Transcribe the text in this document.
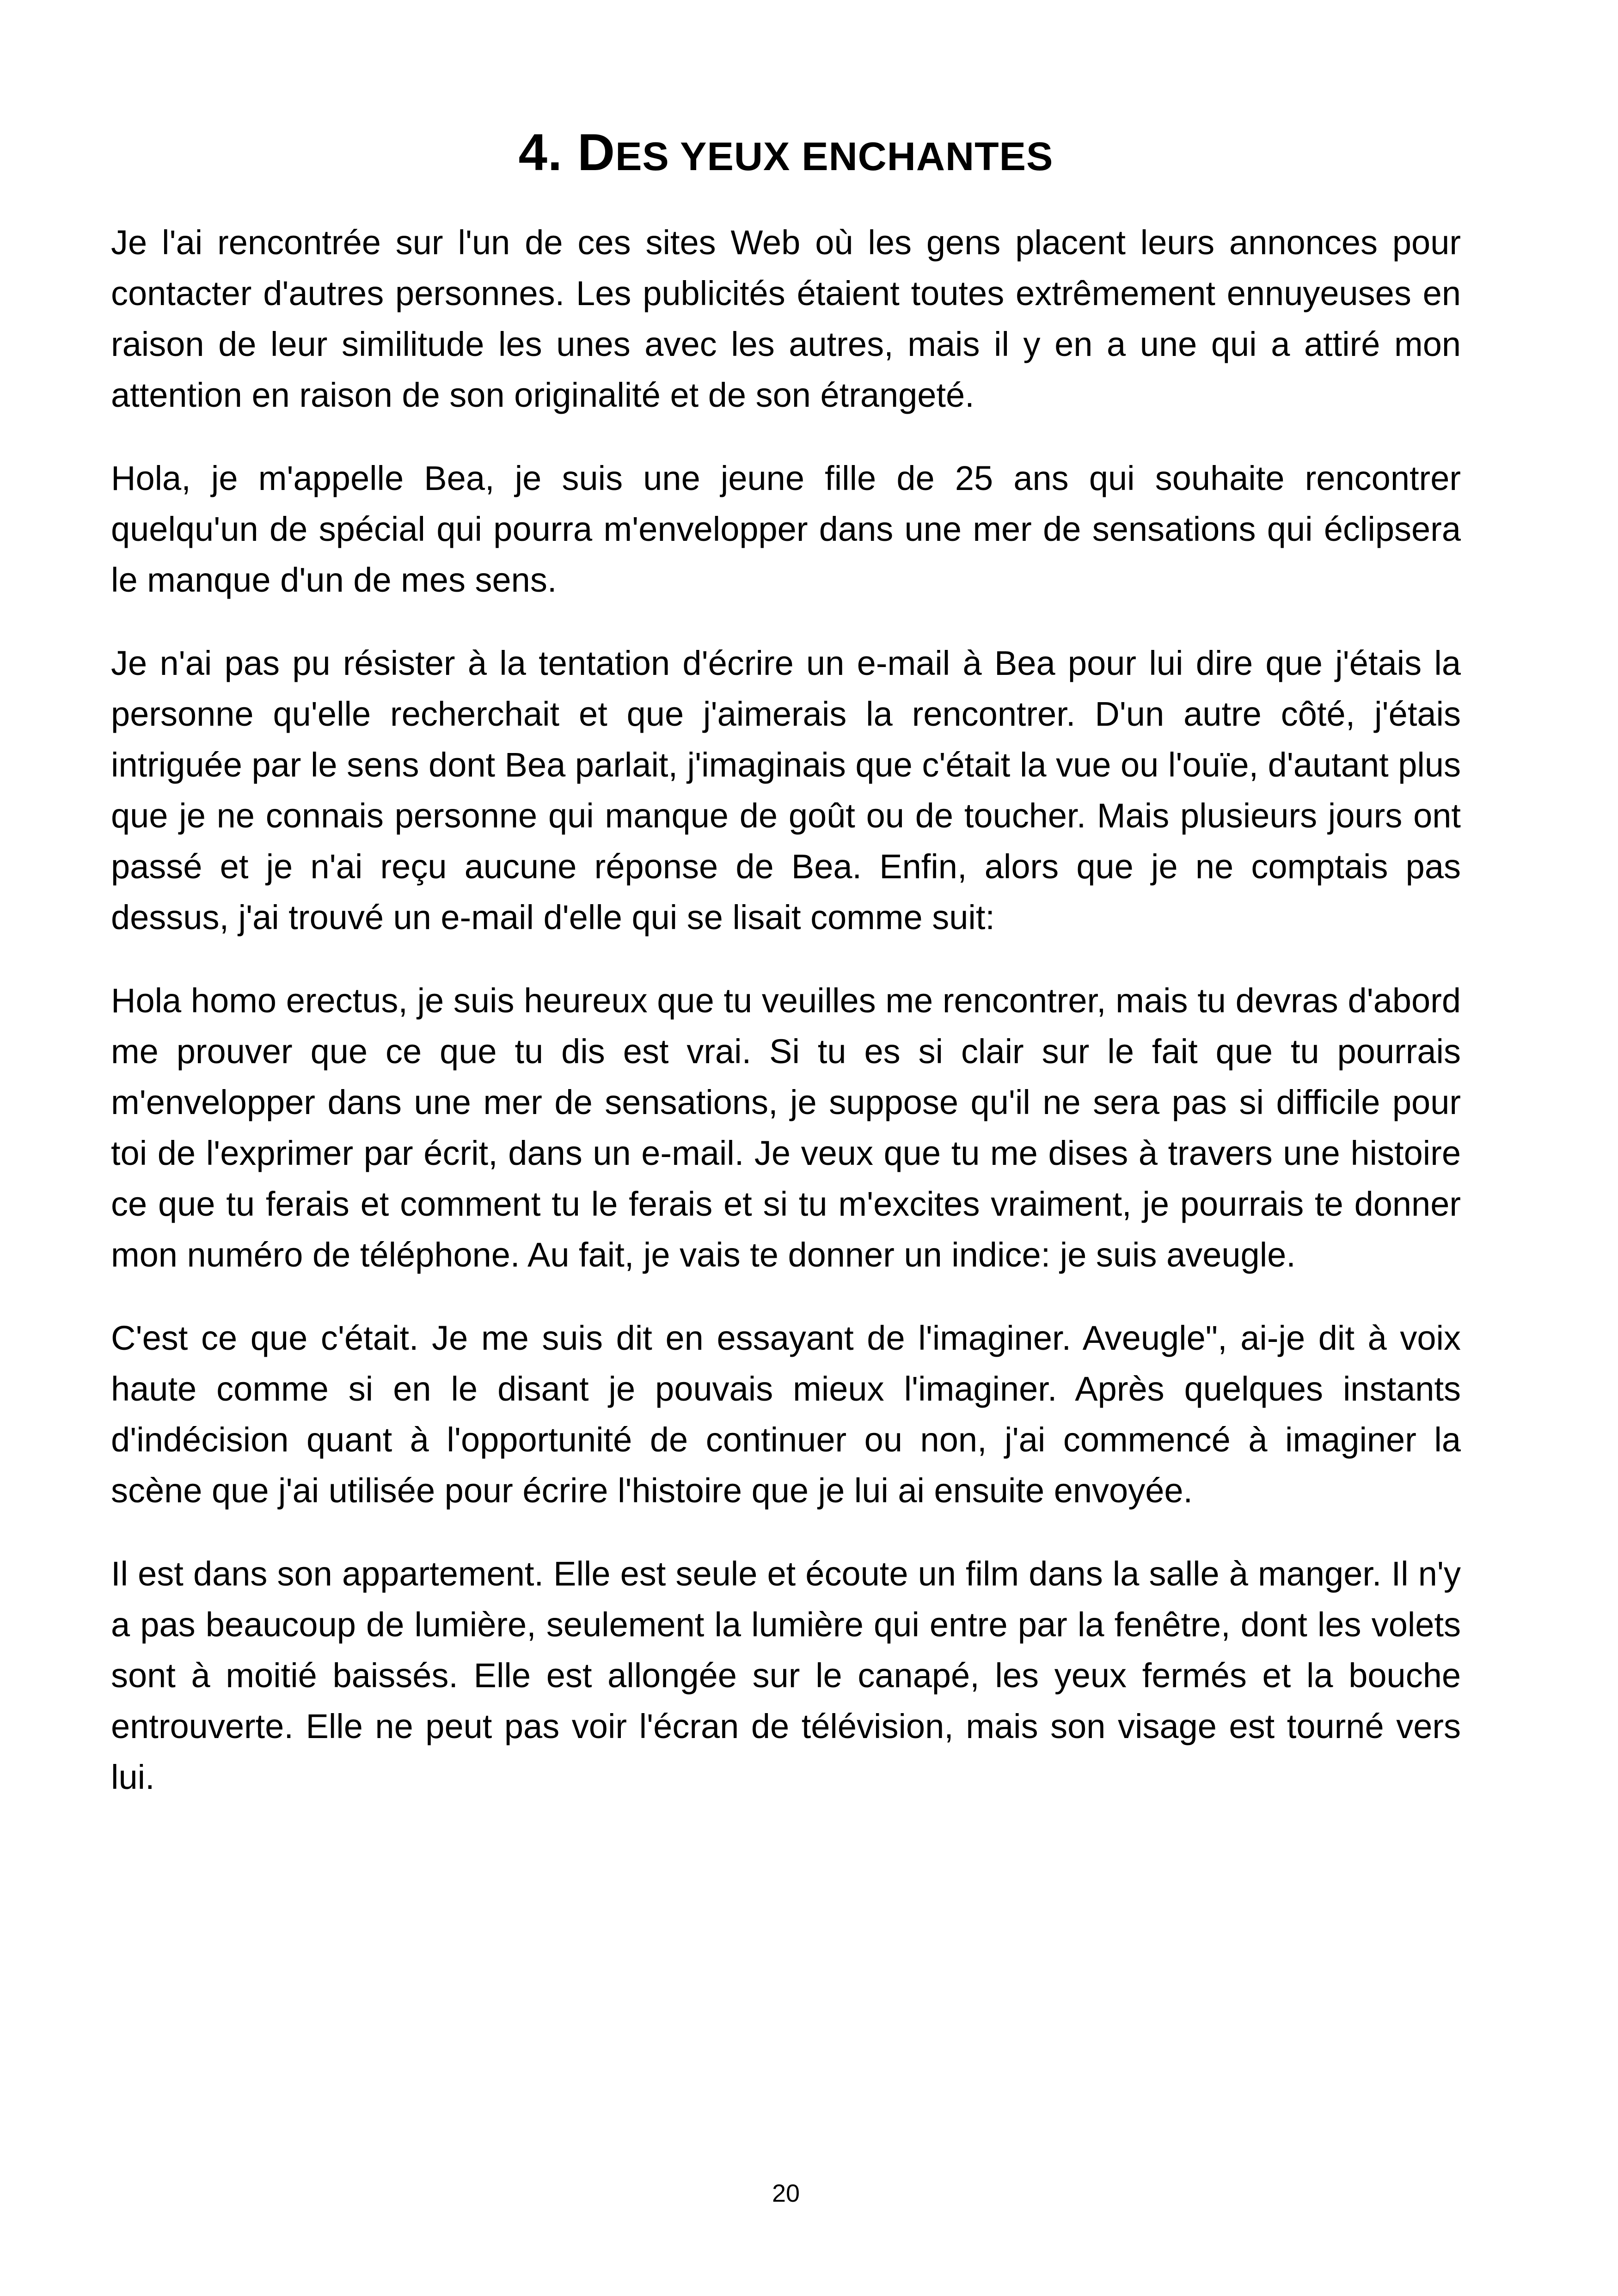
4. DES YEUX ENCHANTES

Je l'ai rencontrée sur l'un de ces sites Web où les gens placent leurs annonces pour contacter d'autres personnes. Les publicités étaient toutes extrêmement ennuyeuses en raison de leur similitude les unes avec les autres, mais il y en a une qui a attiré mon attention en raison de son originalité et de son étrangeté.

Hola, je m'appelle Bea, je suis une jeune fille de 25 ans qui souhaite rencontrer quelqu'un de spécial qui pourra m'envelopper dans une mer de sensations qui éclipsera le manque d'un de mes sens.

Je n'ai pas pu résister à la tentation d'écrire un e-mail à Bea pour lui dire que j'étais la personne qu'elle recherchait et que j'aimerais la rencontrer. D'un autre côté, j'étais intriguée par le sens dont Bea parlait, j'imaginais que c'était la vue ou l'ouïe, d'autant plus que je ne connais personne qui manque de goût ou de toucher. Mais plusieurs jours ont passé et je n'ai reçu aucune réponse de Bea. Enfin, alors que je ne comptais pas dessus, j'ai trouvé un e-mail d'elle qui se lisait comme suit:

Hola homo erectus, je suis heureux que tu veuilles me rencontrer, mais tu devras d'abord me prouver que ce que tu dis est vrai. Si tu es si clair sur le fait que tu pourrais m'envelopper dans une mer de sensations, je suppose qu'il ne sera pas si difficile pour toi de l'exprimer par écrit, dans un e-mail. Je veux que tu me dises à travers une histoire ce que tu ferais et comment tu le ferais et si tu m'excites vraiment, je pourrais te donner mon numéro de téléphone. Au fait, je vais te donner un indice: je suis aveugle.

C'est ce que c'était. Je me suis dit en essayant de l'imaginer. Aveugle", ai-je dit à voix haute comme si en le disant je pouvais mieux l'imaginer. Après quelques instants d'indécision quant à l'opportunité de continuer ou non, j'ai commencé à imaginer la scène que j'ai utilisée pour écrire l'histoire que je lui ai ensuite envoyée.

Il est dans son appartement. Elle est seule et écoute un film dans la salle à manger. Il n'y a pas beaucoup de lumière, seulement la lumière qui entre par la fenêtre, dont les volets sont à moitié baissés. Elle est allongée sur le canapé, les yeux fermés et la bouche entrouverte. Elle ne peut pas voir l'écran de télévision, mais son visage est tourné vers lui.

20
